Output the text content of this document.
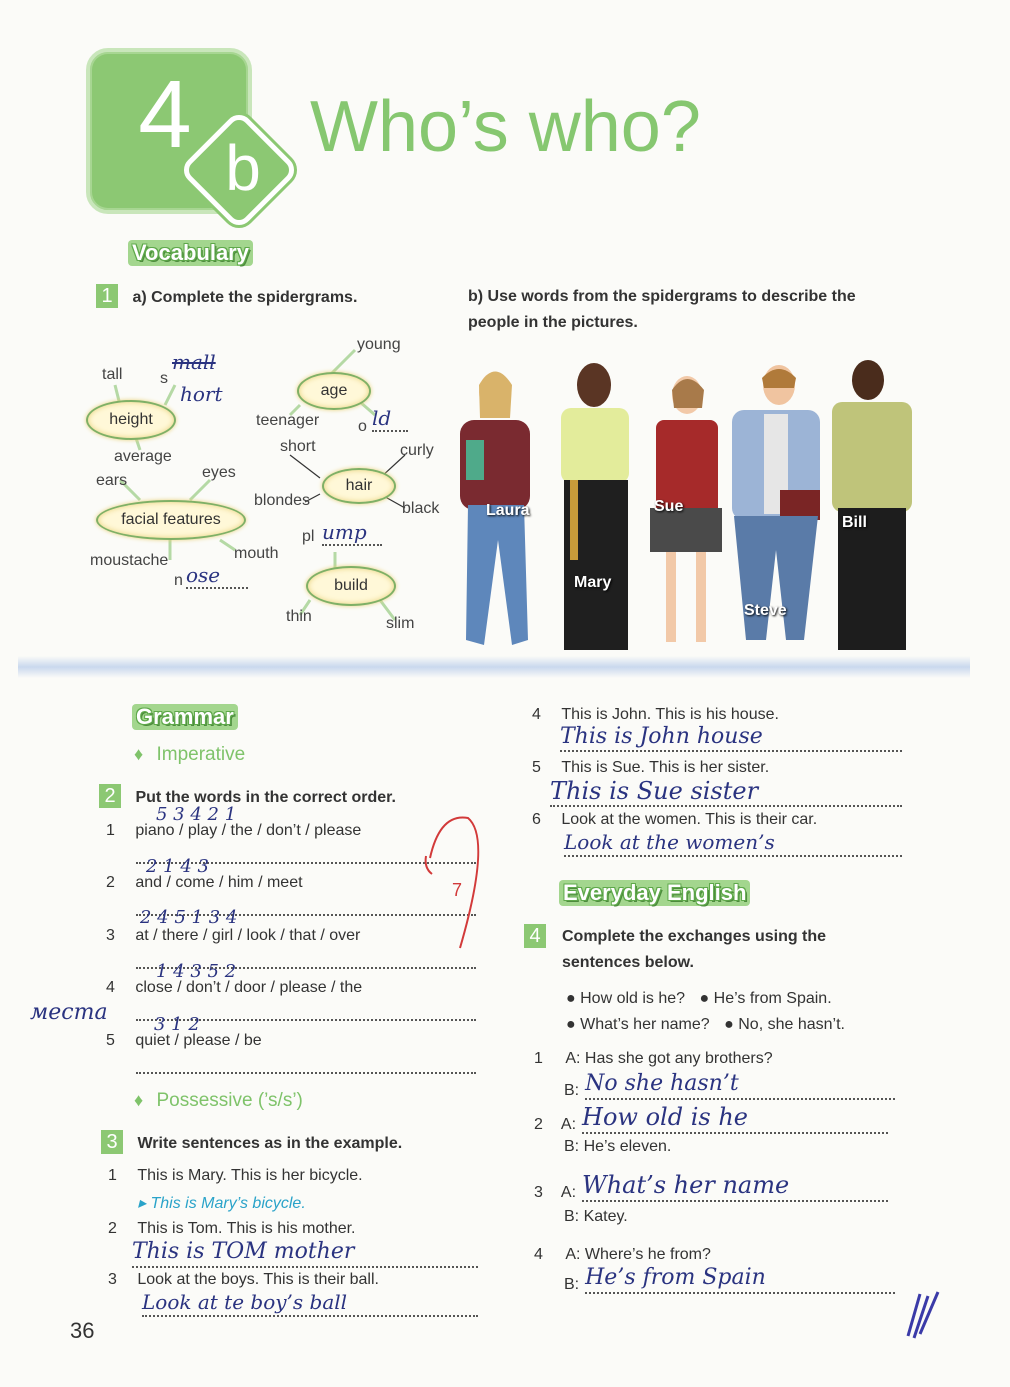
4 b
Who’s who?
Vocabulary
1 a) Complete the spidergrams.	b) Use words from the spidergrams to describe the people in the pictures.
height
age
hair
facial features
build
tall s
mall
hort
average
young
teenager o ld
short	curly
blondes	black
eyes
ears
mouth
moustache
n ose
pl ump
thin	slim
Laura
Mary
Sue
Steve
Bill
Grammar
♦ Imperative
2 Put the words in the correct order.
5 3 4 2 1
1 piano / play / the / don’t / please
2 1 4 3
2 and / come / him / meet
2 4 5 1 3 4
3 at / there / girl / look / that / over
1 4 3 5 2
4 close / don’t / door / please / the
3 1 2
5 quiet / please / be
места
7
♦ Possessive (’s/s’)
3 Write sentences as in the example.
1 This is Mary. This is her bicycle.
▸ This is Mary’s bicycle.
2 This is Tom. This is his mother.
This is TOM mother
3 Look at the boys. This is their ball.
Look at te boy’s ball
4 This is John. This is his house.
This is John house
5 This is Sue. This is her sister.
This is Sue sister
6 Look at the women. This is their car.
Look at the women’s
Everyday English
4	Complete the exchanges using the sentences below.
● How old is he? ● He’s from Spain.
● What’s her name? ● No, she hasn’t.
1 A: Has she got any brothers?
B: No she hasn’t
2 A: How old is he
B: He’s eleven.
3 A: What’s her name
B: Katey.
4 A: Where’s he from?
B: He’s from Spain
36
